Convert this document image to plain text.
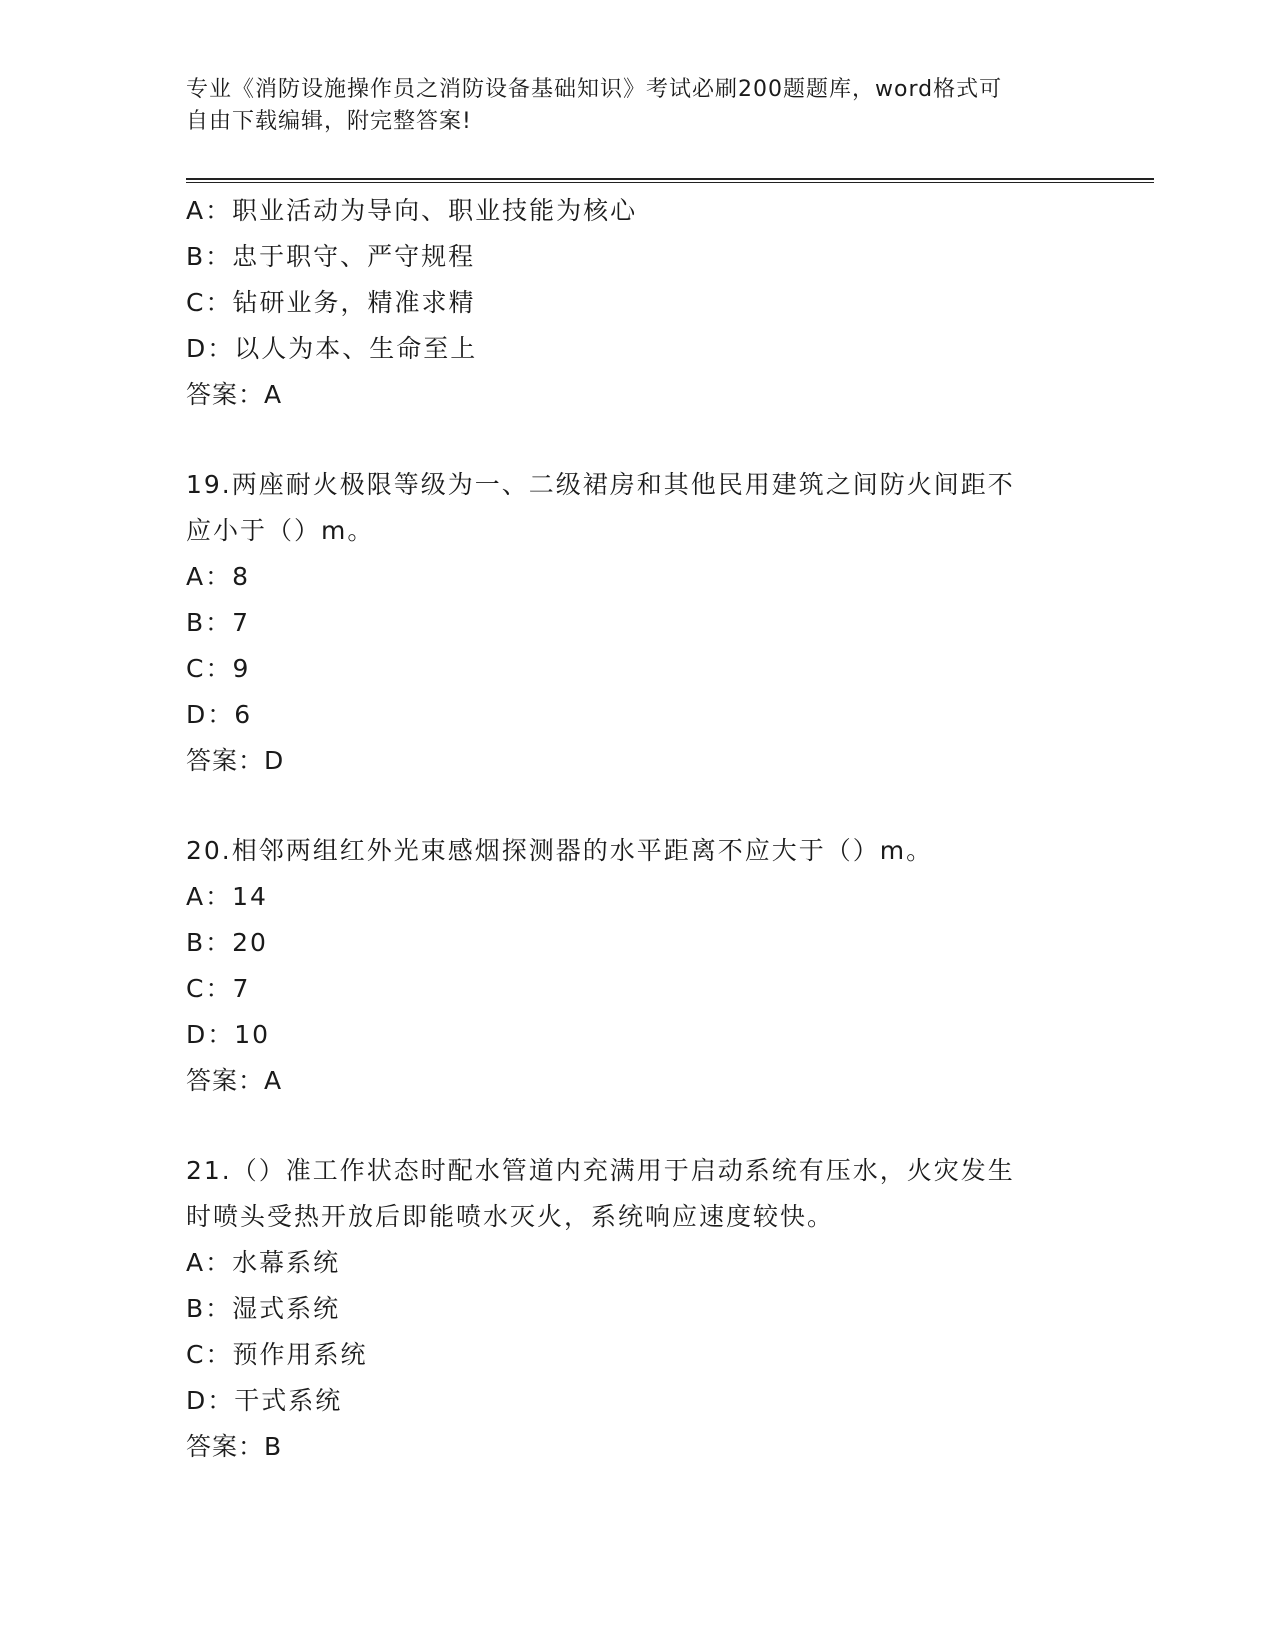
专业《消防设施操作员之消防设备基础知识》考试必刷200题题库，word格式可
自由下载编辑，附完整答案!
A：职业活动为导向、职业技能为核心
B：忠于职守、严守规程
C：钻研业务，精准求精
D：以人为本、生命至上
答案：A
19.两座耐火极限等级为一、二级裙房和其他民用建筑之间防火间距不
应小于（）m。
A：8
B：7
C：9
D：6
答案：D
20.相邻两组红外光束感烟探测器的水平距离不应大于（）m。
A：14
B：20
C：7
D：10
答案：A
21.（）准工作状态时配水管道内充满用于启动系统有压水，火灾发生
时喷头受热开放后即能喷水灭火，系统响应速度较快。
A：水幕系统
B：湿式系统
C：预作用系统
D：干式系统
答案：B
